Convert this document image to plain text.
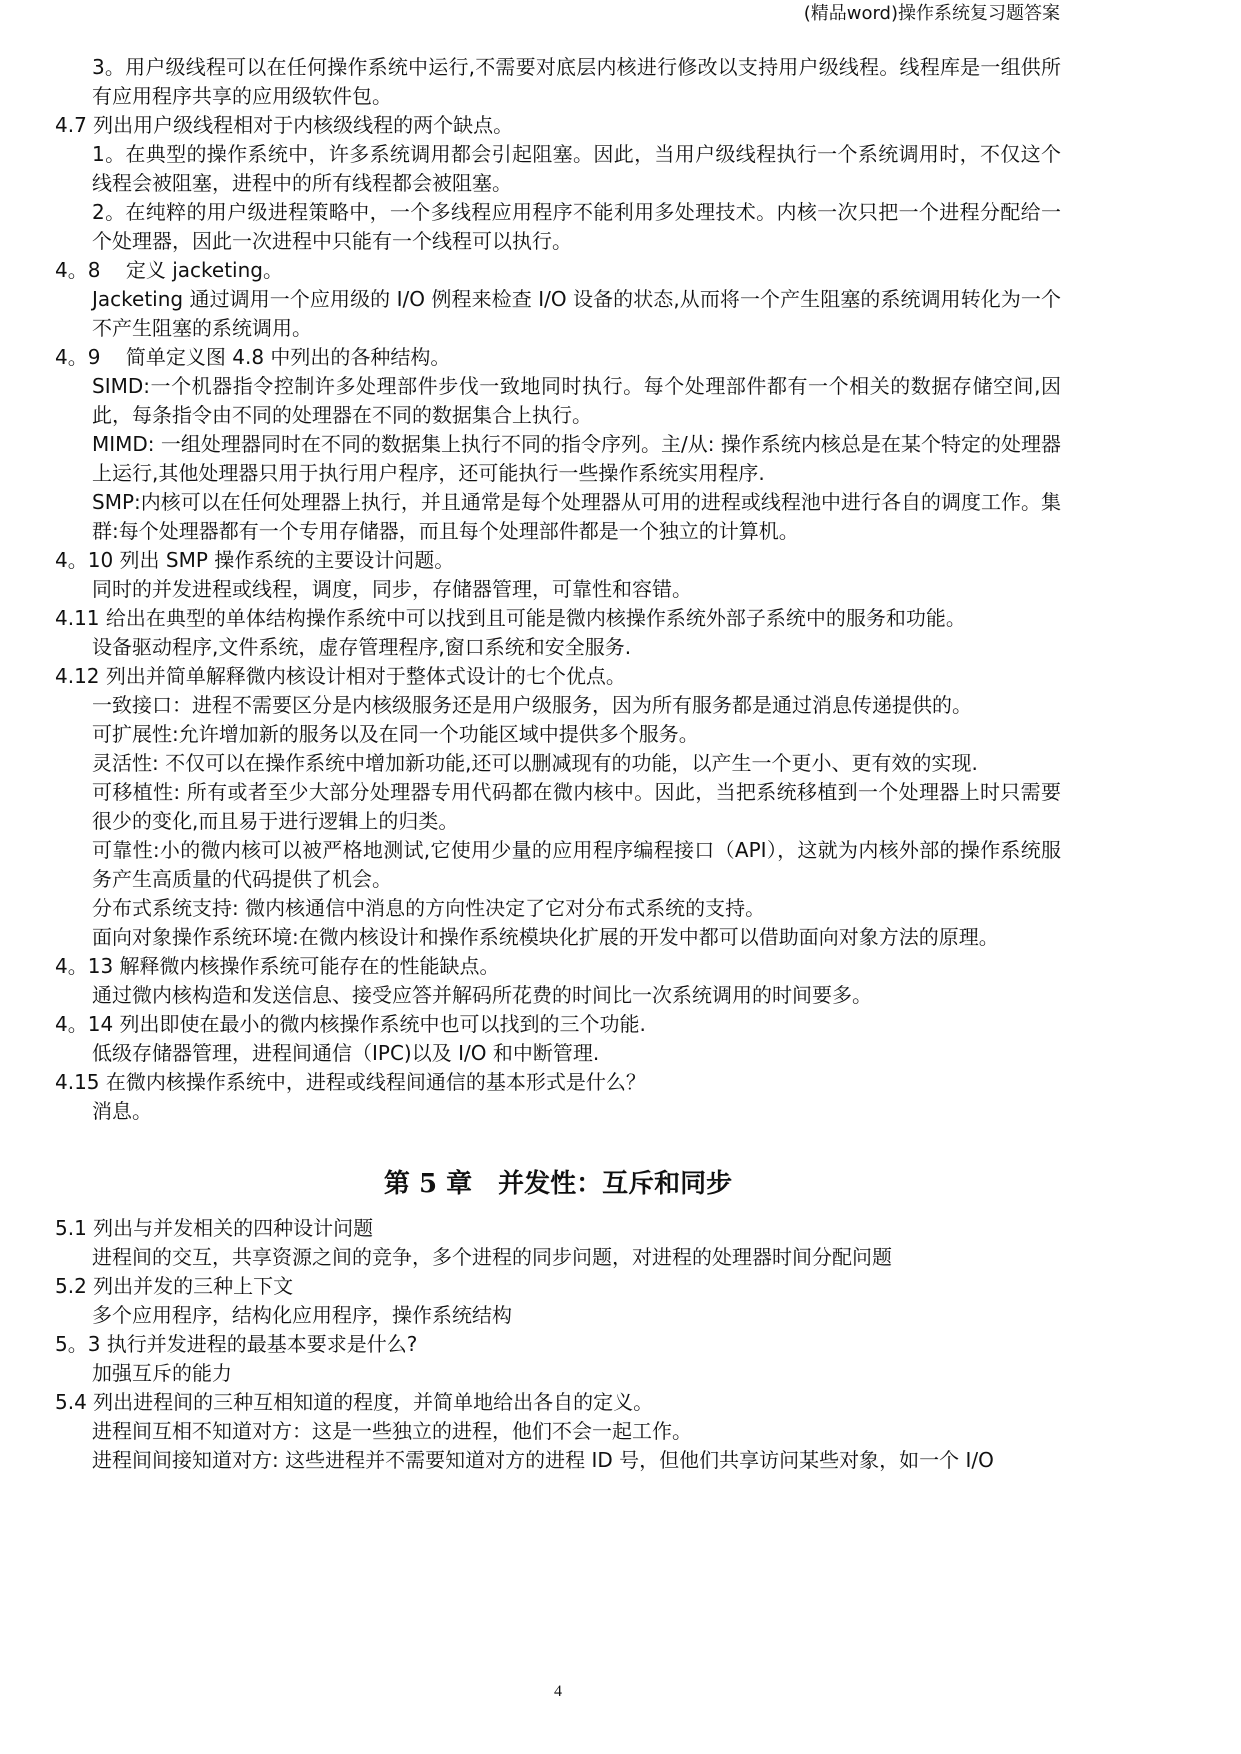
(精品word)操作系统复习题答案

3。用户级线程可以在任何操作系统中运行,不需要对底层内核进行修改以支持用户级线程。线程库是一组供所有应用程序共享的应用级软件包。

4.7 列出用户级线程相对于内核级线程的两个缺点。

1。在典型的操作系统中，许多系统调用都会引起阻塞。因此，当用户级线程执行一个系统调用时，不仅这个线程会被阻塞，进程中的所有线程都会被阻塞。

2。在纯粹的用户级进程策略中，一个多线程应用程序不能利用多处理技术。内核一次只把一个进程分配给一个处理器，因此一次进程中只能有一个线程可以执行。

4。8    定义 jacketing。

Jacketing 通过调用一个应用级的 I/O 例程来检查 I/O 设备的状态,从而将一个产生阻塞的系统调用转化为一个不产生阻塞的系统调用。

4。9    简单定义图 4.8 中列出的各种结构。

SIMD:一个机器指令控制许多处理部件步伐一致地同时执行。每个处理部件都有一个相关的数据存储空间,因此，每条指令由不同的处理器在不同的数据集合上执行。

MIMD: 一组处理器同时在不同的数据集上执行不同的指令序列。主/从: 操作系统内核总是在某个特定的处理器上运行,其他处理器只用于执行用户程序，还可能执行一些操作系统实用程序.

SMP:内核可以在任何处理器上执行，并且通常是每个处理器从可用的进程或线程池中进行各自的调度工作。集群:每个处理器都有一个专用存储器，而且每个处理部件都是一个独立的计算机。

4。10 列出 SMP 操作系统的主要设计问题。

同时的并发进程或线程，调度，同步，存储器管理，可靠性和容错。

4.11 给出在典型的单体结构操作系统中可以找到且可能是微内核操作系统外部子系统中的服务和功能。

设备驱动程序,文件系统，虚存管理程序,窗口系统和安全服务.

4.12 列出并简单解释微内核设计相对于整体式设计的七个优点。

一致接口：进程不需要区分是内核级服务还是用户级服务，因为所有服务都是通过消息传递提供的。

可扩展性:允许增加新的服务以及在同一个功能区域中提供多个服务。

灵活性: 不仅可以在操作系统中增加新功能,还可以删减现有的功能，以产生一个更小、更有效的实现.

可移植性: 所有或者至少大部分处理器专用代码都在微内核中。因此，当把系统移植到一个处理器上时只需要很少的变化,而且易于进行逻辑上的归类。

可靠性:小的微内核可以被严格地测试,它使用少量的应用程序编程接口（API），这就为内核外部的操作系统服务产生高质量的代码提供了机会。

分布式系统支持: 微内核通信中消息的方向性决定了它对分布式系统的支持。

面向对象操作系统环境:在微内核设计和操作系统模块化扩展的开发中都可以借助面向对象方法的原理。

4。13 解释微内核操作系统可能存在的性能缺点。

通过微内核构造和发送信息、接受应答并解码所花费的时间比一次系统调用的时间要多。

4。14 列出即使在最小的微内核操作系统中也可以找到的三个功能.

低级存储器管理，进程间通信（IPC)以及 I/O 和中断管理.

4.15 在微内核操作系统中，进程或线程间通信的基本形式是什么？

消息。

第 5 章　并发性：互斥和同步

5.1 列出与并发相关的四种设计问题

进程间的交互，共享资源之间的竞争，多个进程的同步问题，对进程的处理器时间分配问题

5.2 列出并发的三种上下文

多个应用程序，结构化应用程序，操作系统结构

5。3 执行并发进程的最基本要求是什么?

加强互斥的能力

5.4 列出进程间的三种互相知道的程度，并简单地给出各自的定义。

进程间互相不知道对方：这是一些独立的进程，他们不会一起工作。

进程间间接知道对方: 这些进程并不需要知道对方的进程 ID 号，但他们共享访问某些对象，如一个 I/O

4
